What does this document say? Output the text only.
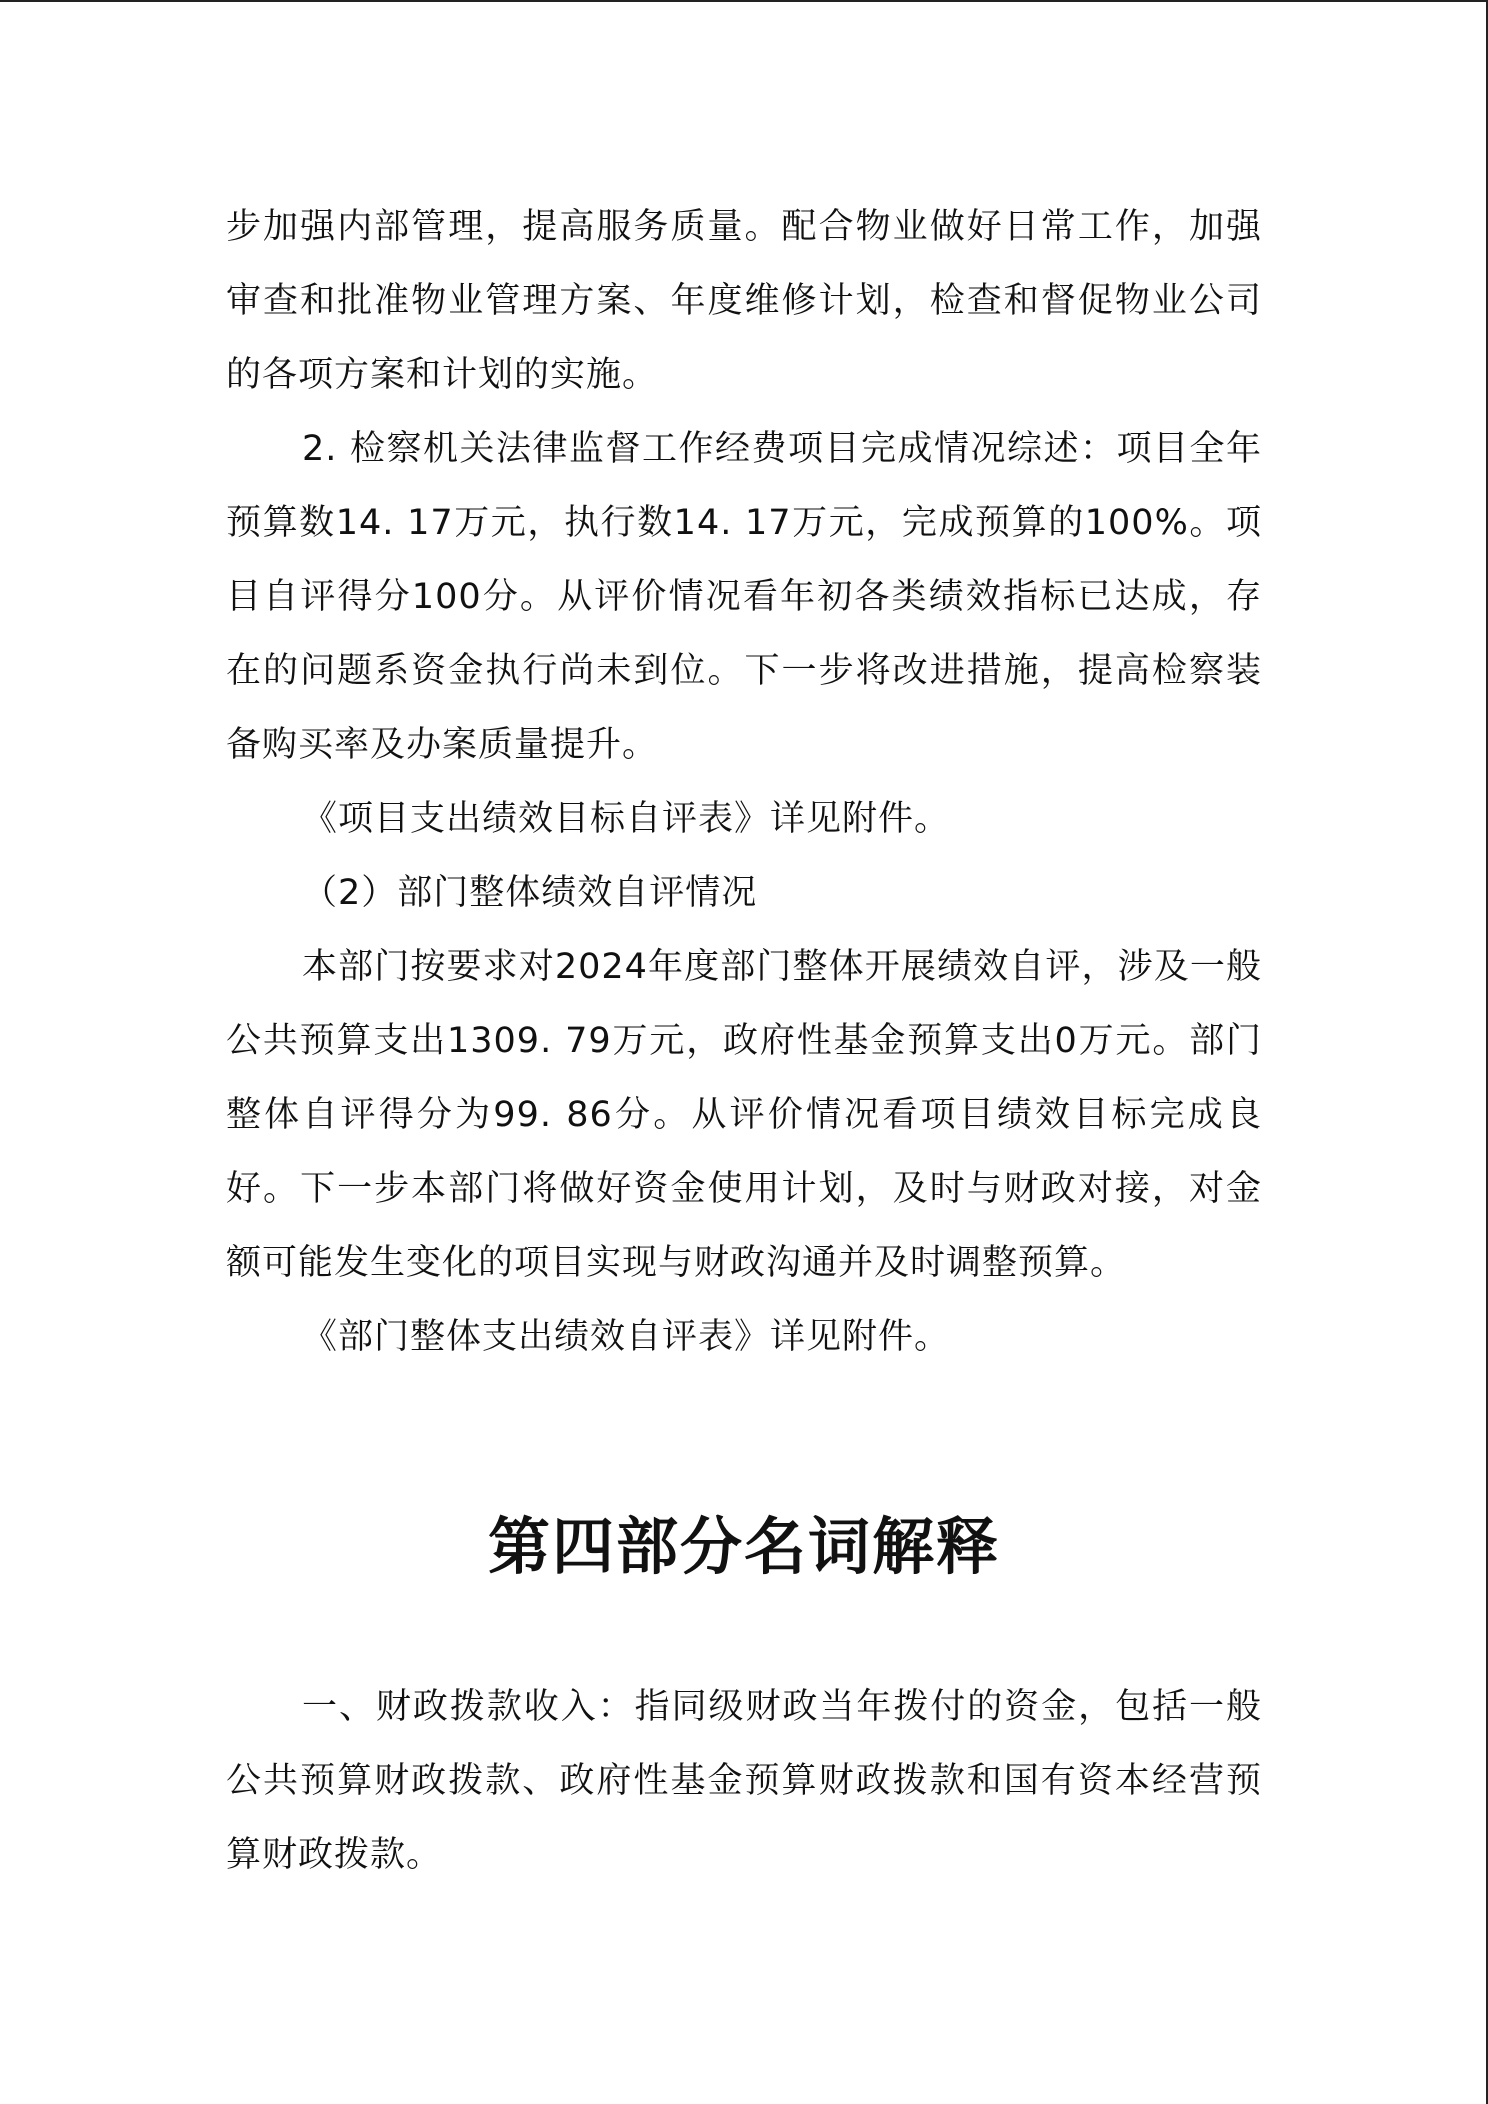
步加强内部管理，提高服务质量。配合物业做好日常工作，加强审查和批准物业管理方案、年度维修计划，检查和督促物业公司的各项方案和计划的实施。

2. 检察机关法律监督工作经费项目完成情况综述：项目全年预算数14. 17万元，执行数14. 17万元，完成预算的100%。项目自评得分100分。从评价情况看年初各类绩效指标已达成，存在的问题系资金执行尚未到位。下一步将改进措施，提高检察装备购买率及办案质量提升。

《项目支出绩效目标自评表》详见附件。

（2）部门整体绩效自评情况

本部门按要求对2024年度部门整体开展绩效自评，涉及一般公共预算支出1309. 79万元，政府性基金预算支出0万元。部门整体自评得分为99. 86分。从评价情况看项目绩效目标完成良好。下一步本部门将做好资金使用计划，及时与财政对接，对金额可能发生变化的项目实现与财政沟通并及时调整预算。

《部门整体支出绩效自评表》详见附件。

第四部分名词解释

一、财政拨款收入：指同级财政当年拨付的资金，包括一般公共预算财政拨款、政府性基金预算财政拨款和国有资本经营预算财政拨款。
